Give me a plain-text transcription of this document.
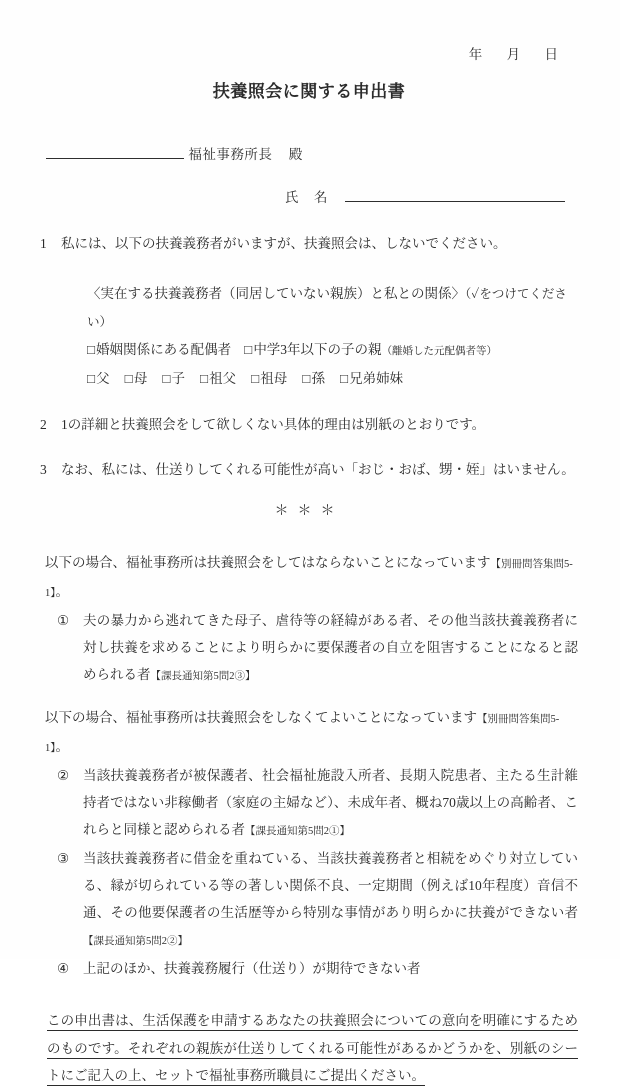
年 月 日
扶養照会に関する申出書
福祉事務所長 殿
氏　名
1	私には、以下の扶養義務者がいますが、扶養照会は、しないでください。
〈実在する扶養義務者（同居していない親族）と私との関係〉（✓をつけてください）
□婚姻関係にある配偶者 □中学3年以下の子の親（離婚した元配偶者等）
□父 □母 □子 □祖父 □祖母 □孫 □兄弟姉妹
2	1の詳細と扶養照会をして欲しくない具体的理由は別紙のとおりです。
3	なお、私には、仕送りしてくれる可能性が高い「おじ・おば、甥・姪」はいません。
＊＊＊
以下の場合、福祉事務所は扶養照会をしてはならないことになっています【別冊問答集問5-1】。
①	夫の暴力から逃れてきた母子、虐待等の経緯がある者、その他当該扶養義務者に対し扶養を求めることにより明らかに要保護者の自立を阻害することになると認められる者【課長通知第5問2③】
以下の場合、福祉事務所は扶養照会をしなくてよいことになっています【別冊問答集問5-1】。
②	当該扶養義務者が被保護者、社会福祉施設入所者、長期入院患者、主たる生計維持者ではない非稼働者（家庭の主婦など）、未成年者、概ね70歳以上の高齢者、これらと同様と認められる者【課長通知第5問2①】
③	当該扶養義務者に借金を重ねている、当該扶養義務者と相続をめぐり対立している、縁が切られている等の著しい関係不良、一定期間（例えば10年程度）音信不通、その他要保護者の生活歴等から特別な事情があり明らかに扶養ができない者【課長通知第5問2②】
④	上記のほか、扶養義務履行（仕送り）が期待できない者
この申出書は、生活保護を申請するあなたの扶養照会についての意向を明確にするためのものです。それぞれの親族が仕送りしてくれる可能性があるかどうかを、別紙のシートにご記入の上、セットで福祉事務所職員にご提出ください。
